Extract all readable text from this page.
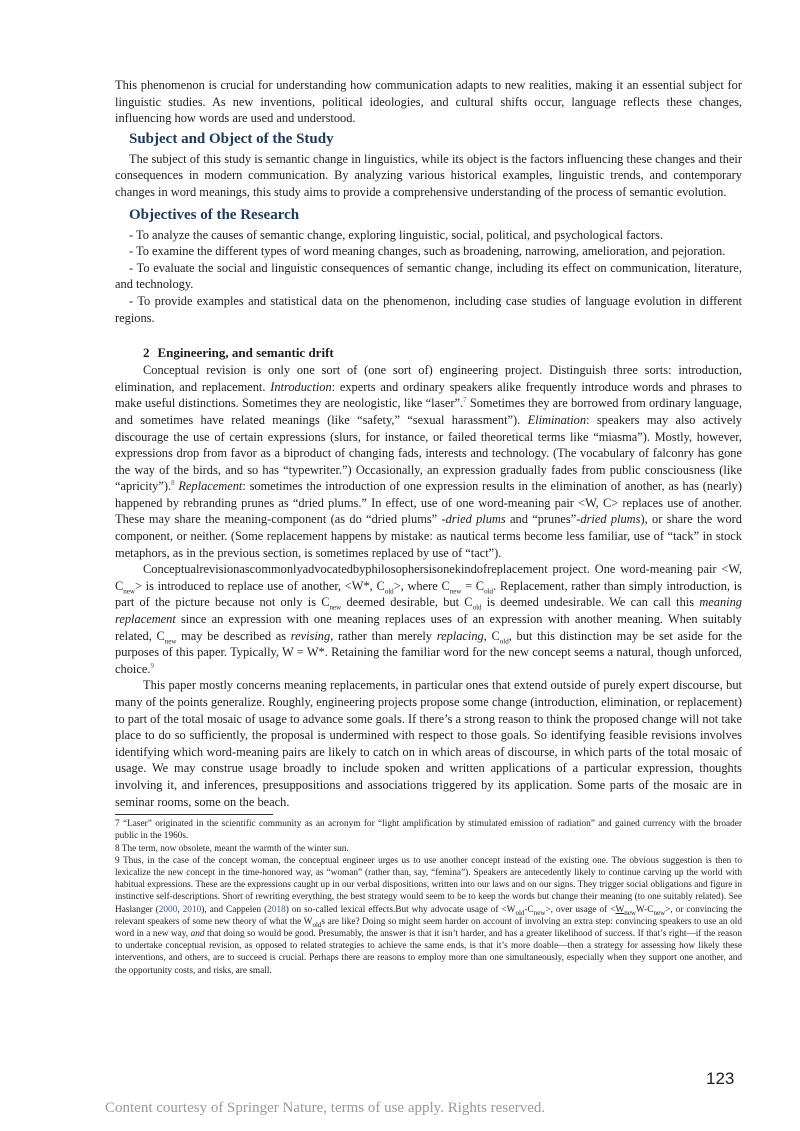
This phenomenon is crucial for understanding how communication adapts to new realities, making it an essential subject for linguistic studies. As new inventions, political ideologies, and cultural shifts occur, language reflects these changes, influencing how words are used and understood.

Subject and Object of the Study

The subject of this study is semantic change in linguistics, while its object is the factors influencing these changes and their consequences in modern communication. By analyzing various historical examples, linguistic trends, and contemporary changes in word meanings, this study aims to provide a comprehensive understanding of the process of semantic evolution.

Objectives of the Research

- To analyze the causes of semantic change, exploring linguistic, social, political, and psychological factors.

- To examine the different types of word meaning changes, such as broadening, narrowing, amelioration, and pejoration.

- To evaluate the social and linguistic consequences of semantic change, including its effect on communication, literature, and technology.

- To provide examples and statistical data on the phenomenon, including case studies of language evolution in different regions.

2 Engineering, and semantic drift

Conceptual revision is only one sort of (one sort of) engineering project. Distinguish three sorts: introduction, elimination, and replacement. Introduction: experts and ordinary speakers alike frequently introduce words and phrases to make useful distinctions. Sometimes they are neologistic, like “laser”.$^7$ Sometimes they are borrowed from ordinary language, and sometimes have related meanings (like “safety,” “sexual harassment”). Elimination: speakers may also actively discourage the use of certain expressions (slurs, for instance, or failed theoretical terms like “miasma”). Mostly, however, expressions drop from favor as a biproduct of changing fads, interests and technology. (The vocabulary of falconry has gone the way of the birds, and so has “typewriter.”) Occasionally, an expression gradually fades from public consciousness (like “apricity”).$^8$ Replacement: sometimes the introduction of one expression results in the elimination of another, as has (nearly) happened by rebranding prunes as “dried plums.” In effect, use of one word-meaning pair <W, C> replaces use of another. These may share the meaning-component (as do “dried plums” -dried plums and “prunes”-dried plums), or share the word component, or neither. (Some replacement happens by mistake: as nautical terms become less familiar, use of “tack” in stock metaphors, as in the previous section, is sometimes replaced by use of “tact”).

Conceptualrevisionascommonlyadvocatedbyphilosophersisonekindofreplacement project. One word-meaning pair <W, $C_{new}>$ is introduced to replace use of another, <W*, $C_{old}>$, where $C_{new} = C_{old}$. Replacement, rather than simply introduction, is part of the picture because not only is $C_{new}$ deemed desirable, but $C_{old}$ is deemed undesirable. We can call this meaning replacement since an expression with one meaning replaces uses of an expression with another meaning. When suitably related, $C_{new}$ may be described as revising, rather than merely replacing, $C_{old}$, but this distinction may be set aside for the purposes of this paper. Typically, W = W*. Retaining the familiar word for the new concept seems a natural, though unforced, choice.$^9$

This paper mostly concerns meaning replacements, in particular ones that extend outside of purely expert discourse, but many of the points generalize. Roughly, engineering projects propose some change (introduction, elimination, or replacement) to part of the total mosaic of usage to advance some goals. If there’s a strong reason to think the proposed change will not take place to do so sufficiently, the proposal is undermined with respect to those goals. So identifying feasible revisions involves identifying which word-meaning pairs are likely to catch on in which areas of discourse, in which parts of the total mosaic of usage. We may construe usage broadly to include spoken and written applications of a particular expression, thoughts involving it, and inferences, presuppositions and associations triggered by its application. Some parts of the mosaic are in seminar rooms, some on the beach.

7 “Laser” originated in the scientific community as an acronym for “light amplification by stimulated emission of radiation” and gained currency with the broader public in the 1960s.

8 The term, now obsolete, meant the warmth of the winter sun.

9 Thus, in the case of the concept woman, the conceptual engineer urges us to use another concept instead of the existing one. The obvious suggestion is then to lexicalize the new concept in the time-honored way, as “woman” (rather than, say, “femina”). Speakers are antecedently likely to continue carving up the world with habitual expressions. These are the expressions caught up in our verbal dispositions, written into our laws and on our signs. They trigger social obligations and figure in instinctive self-descriptions. Short of rewriting everything, the best strategy would seem to be to keep the words but change their meaning (to one suitably related). See Haslanger (2000, 2010), and Cappelen (2018) on so-called lexical effects.But why advocate usage of $<W_{old}-C_{new}>$, over usage of $<W_{new}W-C_{new}>$, or convincing the relevant speakers of some new theory of what the $W_{old}s$ are like? Doing so might seem harder on account of involving an extra step: convincing speakers to use an old word in a new way, and that doing so would be good. Presumably, the answer is that it isn’t harder, and has a greater likelihood of success. If that’s right—if the reason to undertake conceptual revision, as opposed to related strategies to achieve the same ends, is that it’s more doable—then a strategy for assessing how likely these interventions, and others, are to succeed is crucial. Perhaps there are reasons to employ more than one simultaneously, especially when they support one another, and the opportunity costs, and risks, are small.

123
Content courtesy of Springer Nature, terms of use apply. Rights reserved.
